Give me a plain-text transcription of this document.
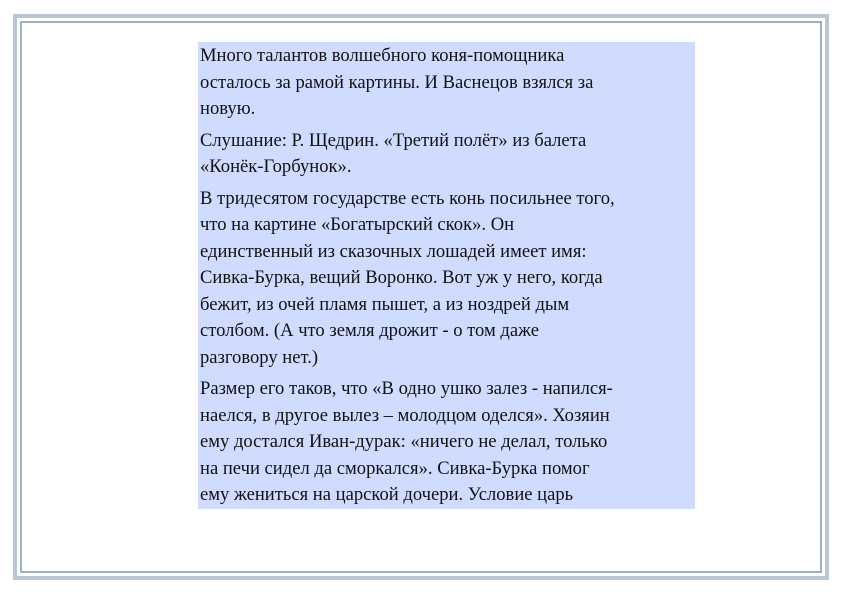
Много талантов волшебного коня-помощника
осталось за рамой картины. И Васнецов взялся за
новую.

Слушание: Р. Щедрин. «Третий полёт» из балета
«Конёк-Горбунок».

В тридесятом государстве есть конь посильнее того,
что на картине «Богатырский скок». Он
единственный из сказочных лошадей имеет имя:
Сивка-Бурка, вещий Воронко. Вот уж у него, когда
бежит, из очей пламя пышет, а из ноздрей дым
столбом. (А что земля дрожит - о том даже
разговору нет.)

Размер его таков, что «В одно ушко залез - напился-
наелся, в другое вылез – молодцом оделся». Хозяин
ему достался Иван-дурак: «ничего не делал, только
на печи сидел да сморкался». Сивка-Бурка помог
ему жениться на царской дочери. Условие царь
